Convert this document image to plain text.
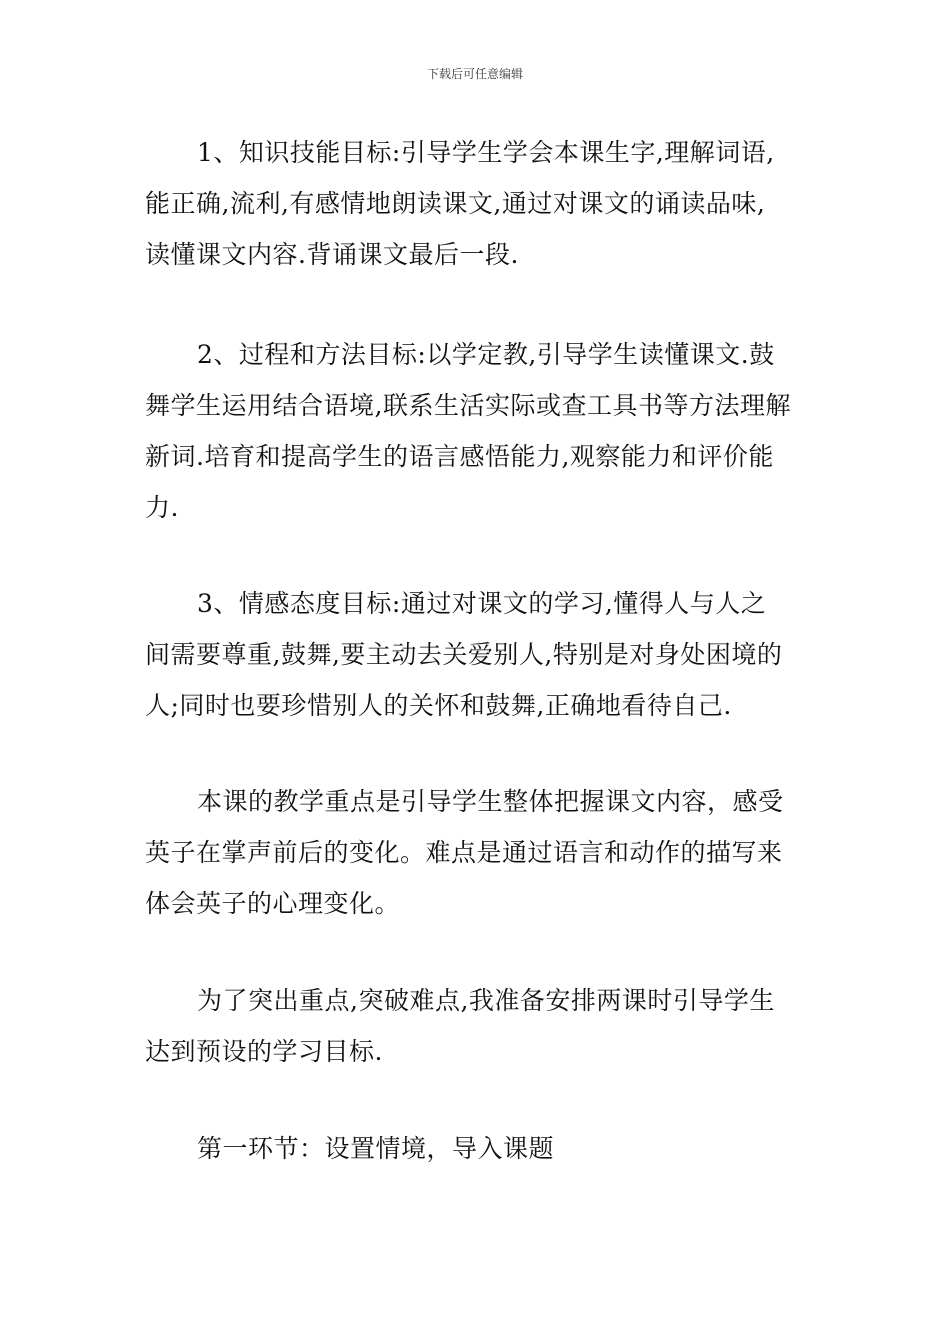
下载后可任意编辑

1、知识技能目标:引导学生学会本课生字,理解词语,
能正确,流利,有感情地朗读课文,通过对课文的诵读品味,
读懂课文内容.背诵课文最后一段.

2、过程和方法目标:以学定教,引导学生读懂课文.鼓
舞学生运用结合语境,联系生活实际或查工具书等方法理解
新词.培育和提高学生的语言感悟能力,观察能力和评价能
力.

3、情感态度目标:通过对课文的学习,懂得人与人之
间需要尊重,鼓舞,要主动去关爱别人,特别是对身处困境的
人;同时也要珍惜别人的关怀和鼓舞,正确地看待自己.

本课的教学重点是引导学生整体把握课文内容，感受
英子在掌声前后的变化。难点是通过语言和动作的描写来
体会英子的心理变化。

为了突出重点,突破难点,我准备安排两课时引导学生
达到预设的学习目标.

第一环节：设置情境，导入课题
